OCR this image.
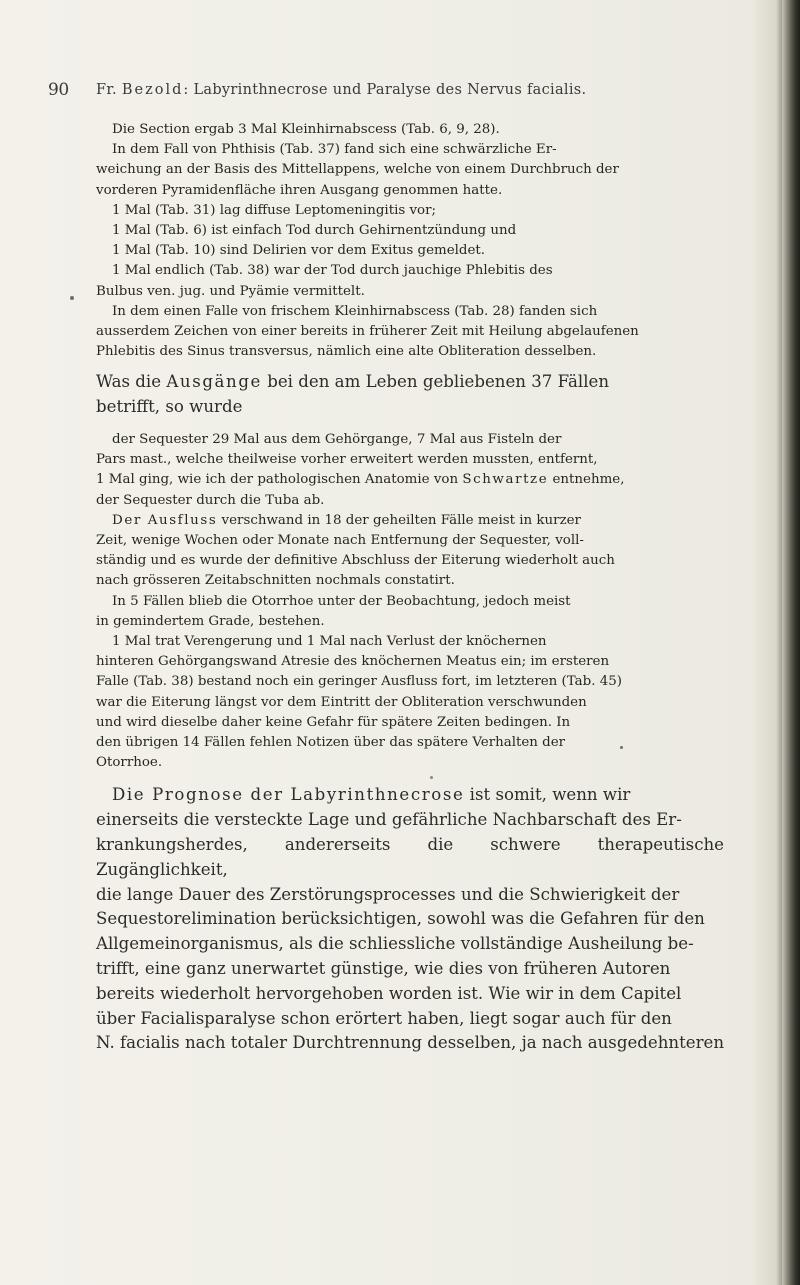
90 Fr. Bezold: Labyrinthnecrose und Paralyse des Nervus facialis.
Die Section ergab 3 Mal Kleinhirnabscess (Tab. 6, 9, 28).
In dem Fall von Phthisis (Tab. 37) fand sich eine schwärzliche Er-
weichung an der Basis des Mittellappens, welche von einem Durchbruch der
vorderen Pyramidenfläche ihren Ausgang genommen hatte.
1 Mal (Tab. 31) lag diffuse Leptomeningitis vor;
1 Mal (Tab. 6) ist einfach Tod durch Gehirnentzündung und
1 Mal (Tab. 10) sind Delirien vor dem Exitus gemeldet.
1 Mal endlich (Tab. 38) war der Tod durch jauchige Phlebitis des
Bulbus ven. jug. und Pyämie vermittelt.
In dem einen Falle von frischem Kleinhirnabscess (Tab. 28) fanden sich
ausserdem Zeichen von einer bereits in früherer Zeit mit Heilung abgelaufenen
Phlebitis des Sinus transversus, nämlich eine alte Obliteration desselben.
Was die Ausgänge bei den am Leben gebliebenen 37 Fällen
betrifft, so wurde
der Sequester 29 Mal aus dem Gehörgange, 7 Mal aus Fisteln der
Pars mast., welche theilweise vorher erweitert werden mussten, entfernt,
1 Mal ging, wie ich der pathologischen Anatomie von Schwartze entnehme,
der Sequester durch die Tuba ab.
Der Ausfluss verschwand in 18 der geheilten Fälle meist in kurzer
Zeit, wenige Wochen oder Monate nach Entfernung der Sequester, voll-
ständig und es wurde der definitive Abschluss der Eiterung wiederholt auch
nach grösseren Zeitabschnitten nochmals constatirt.
In 5 Fällen blieb die Otorrhoe unter der Beobachtung, jedoch meist
in gemindertem Grade, bestehen.
1 Mal trat Verengerung und 1 Mal nach Verlust der knöchernen
hinteren Gehörgangswand Atresie des knöchernen Meatus ein; im ersteren
Falle (Tab. 38) bestand noch ein geringer Ausfluss fort, im letzteren (Tab. 45)
war die Eiterung längst vor dem Eintritt der Obliteration verschwunden
und wird dieselbe daher keine Gefahr für spätere Zeiten bedingen. In
den übrigen 14 Fällen fehlen Notizen über das spätere Verhalten der
Otorrhoe.
Die Prognose der Labyrinthnecrose ist somit, wenn wir
einerseits die versteckte Lage und gefährliche Nachbarschaft des Er-
krankungsherdes, andererseits die schwere therapeutische Zugänglichkeit,
die lange Dauer des Zerstörungsprocesses und die Schwierigkeit der
Sequestorelimination berücksichtigen, sowohl was die Gefahren für den
Allgemeinorganismus, als die schliessliche vollständige Ausheilung be-
trifft, eine ganz unerwartet günstige, wie dies von früheren Autoren
bereits wiederholt hervorgehoben worden ist. Wie wir in dem Capitel
über Facialisparalyse schon erörtert haben, liegt sogar auch für den
N. facialis nach totaler Durchtrennung desselben, ja nach ausgedehnteren
